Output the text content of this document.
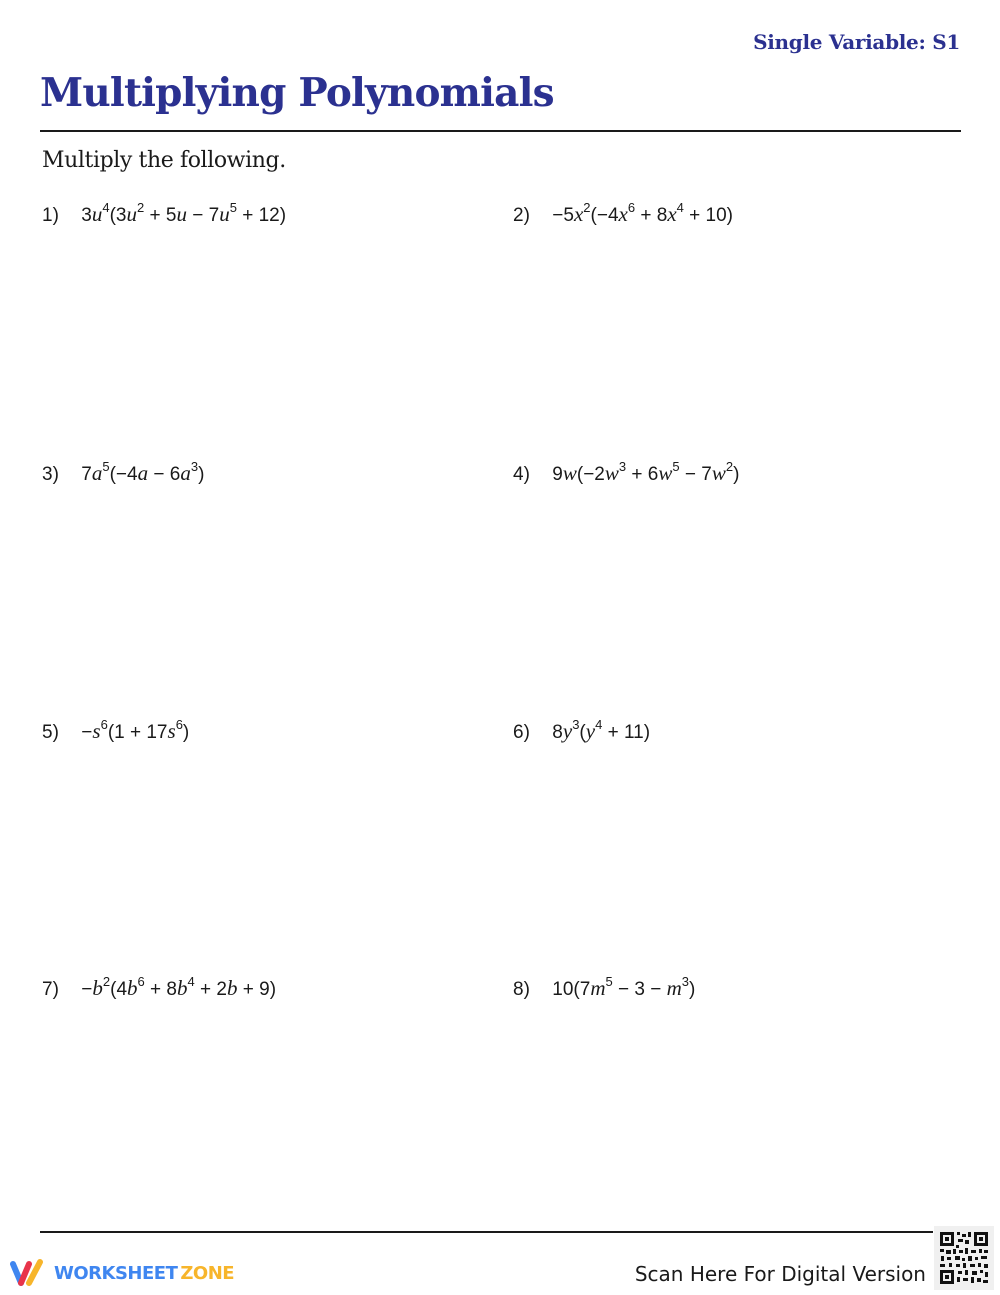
Single Variable: S1
Multiplying Polynomials
Multiply the following.
1) $3u^4(3u^2 + 5u - 7u^5 + 12)$	$2) -5x^2(-4x^6 + 8x^4 + 10)$
3) $7a^5(-4a - 6a^3)$	4) $9w(-2w^3 + 6w^5 - 7w^2)$
$5) -s^6(1 + 17s^6)$	6) $8y^3(y^4 + 11)$
$7) -b^2(4b^6 + 8b^4 + 2b + 9)$	8) $10(7m^5 - 3 - m^3)$
WORKSHEET ZONE	Scan Here For Digital Version
